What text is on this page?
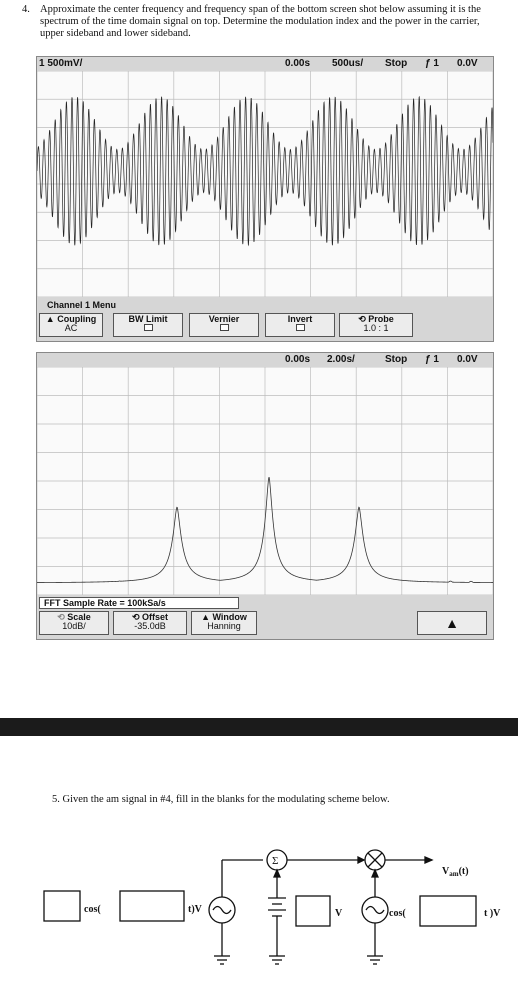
4. Approximate the center frequency and frequency span of the bottom screen shot below assuming it is the spectrum of the time domain signal on top. Determine the modulation index and the power in the carrier, upper sideband and lower sideband.
1 500mV/	0.00s 500us/ Stop ƒ 1 0.0V
Channel 1 Menu
▲ Coupling
AC
BW Limit	Vernier	Invert	⟲ Probe
1.0 : 1
0.00s 2.00s/	Stop ƒ 1 0.0V
FFT Sample Rate = 100kSa/s
⟲ Scale
10dB/
⟲ Offset
-35.0dB
▲ Window
Hanning	▲
5. Given the am signal in #4, fill in the blanks for the modulating scheme below.
cos(	t)V
Σ
V	cos(	t )V
$V_{am}(t)$
